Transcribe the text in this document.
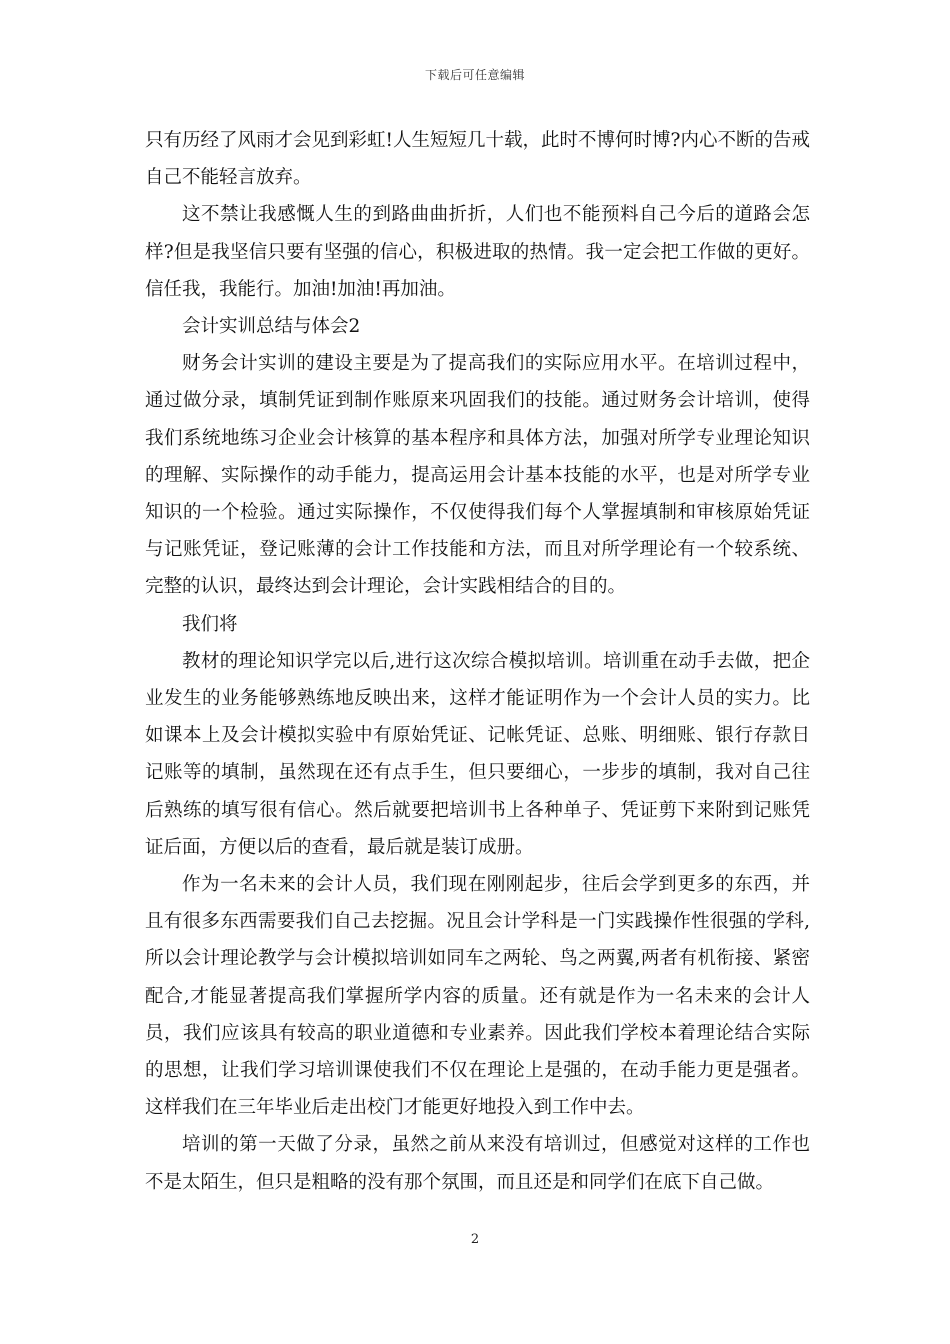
下载后可任意编辑

只有历经了风雨才会见到彩虹!人生短短几十载，此时不博何时博?内心不断的告戒自己不能轻言放弃。

这不禁让我感慨人生的到路曲曲折折，人们也不能预料自己今后的道路会怎样?但是我坚信只要有坚强的信心，积极进取的热情。我一定会把工作做的更好。信任我，我能行。加油!加油!再加油。

会计实训总结与体会2

财务会计实训的建设主要是为了提高我们的实际应用水平。在培训过程中，通过做分录，填制凭证到制作账原来巩固我们的技能。通过财务会计培训，使得我们系统地练习企业会计核算的基本程序和具体方法，加强对所学专业理论知识的理解、实际操作的动手能力，提高运用会计基本技能的水平，也是对所学专业知识的一个检验。通过实际操作，不仅使得我们每个人掌握填制和审核原始凭证与记账凭证，登记账薄的会计工作技能和方法，而且对所学理论有一个较系统、完整的认识，最终达到会计理论，会计实践相结合的目的。

我们将

教材的理论知识学完以后,进行这次综合模拟培训。培训重在动手去做，把企业发生的业务能够熟练地反映出来，这样才能证明作为一个会计人员的实力。比如课本上及会计模拟实验中有原始凭证、记帐凭证、总账、明细账、银行存款日记账等的填制，虽然现在还有点手生，但只要细心，一步步的填制，我对自己往后熟练的填写很有信心。然后就要把培训书上各种单子、凭证剪下来附到记账凭证后面，方便以后的查看，最后就是装订成册。

作为一名未来的会计人员，我们现在刚刚起步，往后会学到更多的东西，并且有很多东西需要我们自己去挖掘。况且会计学科是一门实践操作性很强的学科,所以会计理论教学与会计模拟培训如同车之两轮、鸟之两翼,两者有机衔接、紧密配合,才能显著提高我们掌握所学内容的质量。还有就是作为一名未来的会计人员，我们应该具有较高的职业道德和专业素养。因此我们学校本着理论结合实际的思想，让我们学习培训课使我们不仅在理论上是强的，在动手能力更是强者。这样我们在三年毕业后走出校门才能更好地投入到工作中去。

培训的第一天做了分录，虽然之前从来没有培训过，但感觉对这样的工作也不是太陌生，但只是粗略的没有那个氛围，而且还是和同学们在底下自己做。

2
